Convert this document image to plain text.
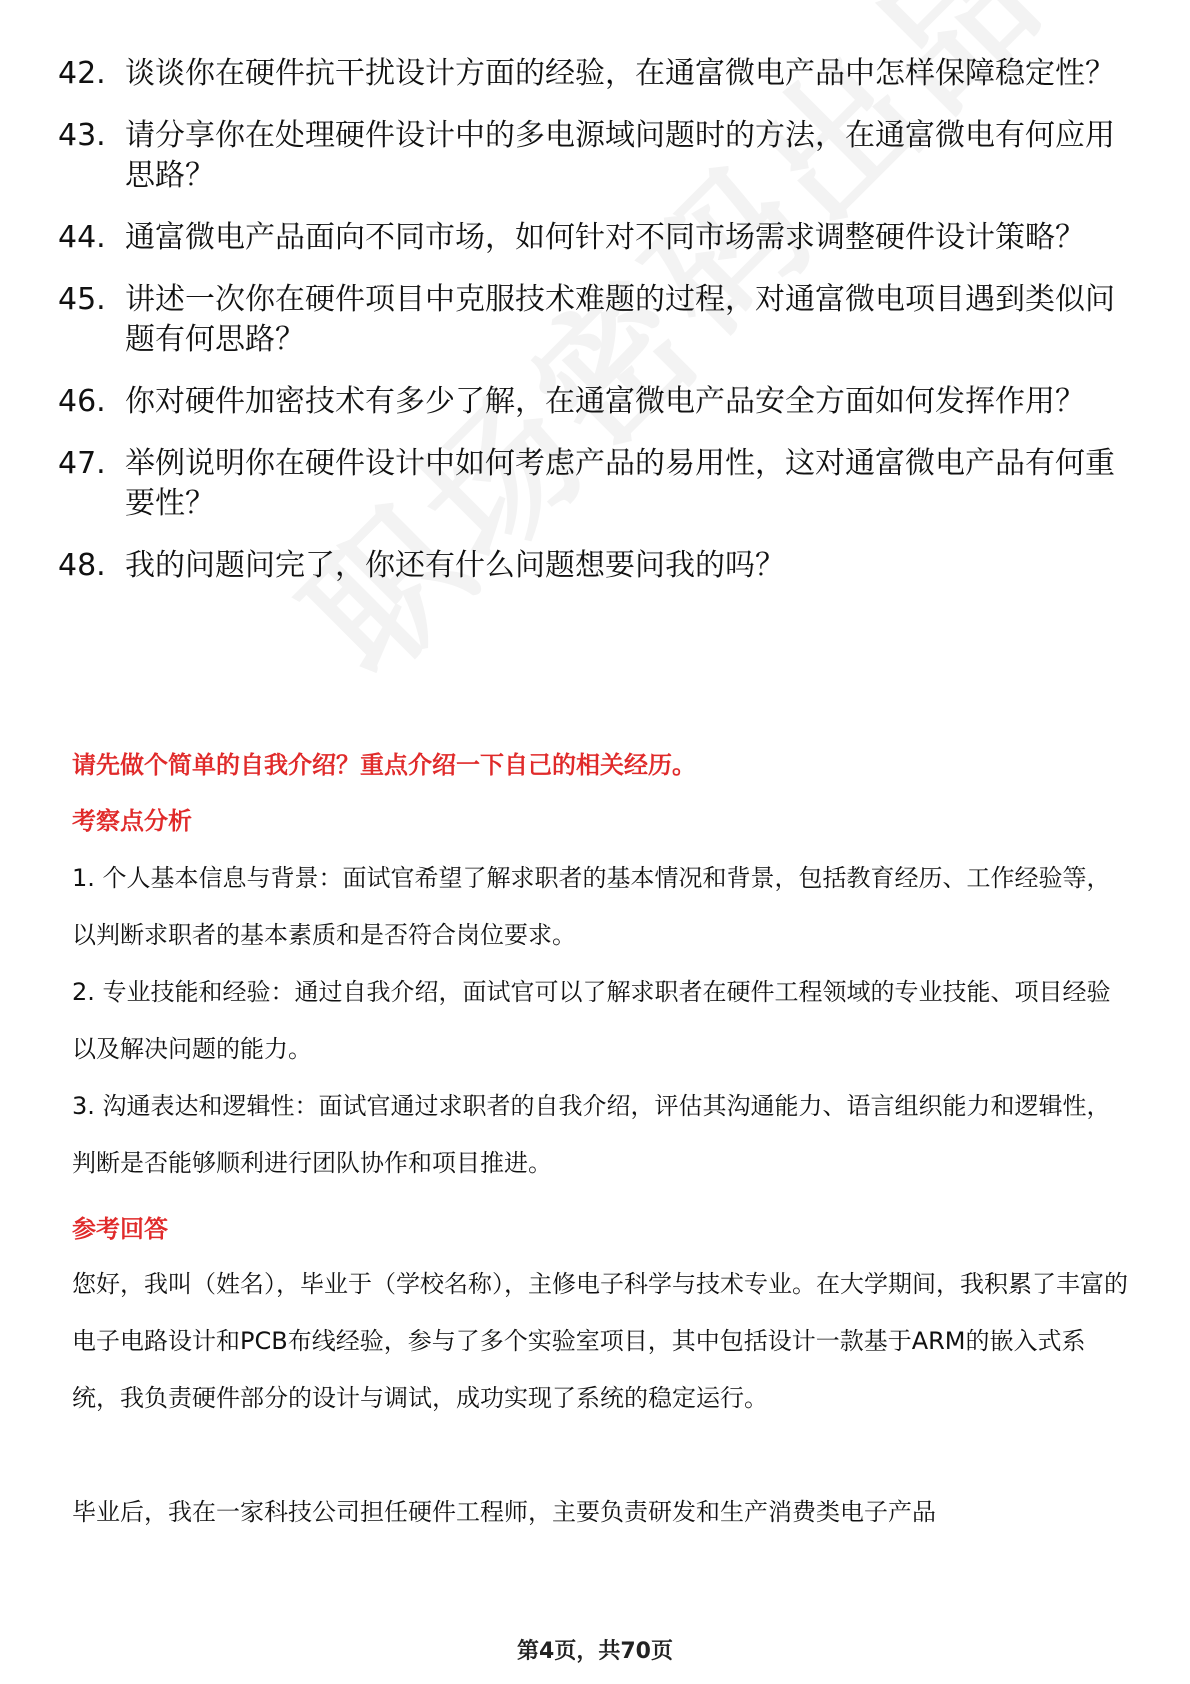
42. 谈谈你在硬件抗干扰设计方面的经验，在通富微电产品中怎样保障稳定性？
43. 请分享你在处理硬件设计中的多电源域问题时的方法，在通富微电有何应用思路？
44. 通富微电产品面向不同市场，如何针对不同市场需求调整硬件设计策略？
45. 讲述一次你在硬件项目中克服技术难题的过程，对通富微电项目遇到类似问题有何思路？
46. 你对硬件加密技术有多少了解，在通富微电产品安全方面如何发挥作用？
47. 举例说明你在硬件设计中如何考虑产品的易用性，这对通富微电产品有何重要性？
48. 我的问题问完了，你还有什么问题想要问我的吗？
请先做个简单的自我介绍？重点介绍一下自己的相关经历。
考察点分析
1. 个人基本信息与背景：面试官希望了解求职者的基本情况和背景，包括教育经历、工作经验等，以判断求职者的基本素质和是否符合岗位要求。
2. 专业技能和经验：通过自我介绍，面试官可以了解求职者在硬件工程领域的专业技能、项目经验以及解决问题的能力。
3. 沟通表达和逻辑性：面试官通过求职者的自我介绍，评估其沟通能力、语言组织能力和逻辑性，判断是否能够顺利进行团队协作和项目推进。
参考回答
您好，我叫（姓名），毕业于（学校名称），主修电子科学与技术专业。在大学期间，我积累了丰富的电子电路设计和PCB布线经验，参与了多个实验室项目，其中包括设计一款基于ARM的嵌入式系统，我负责硬件部分的设计与调试，成功实现了系统的稳定运行。
毕业后，我在一家科技公司担任硬件工程师，主要负责研发和生产消费类电子产品
第4页，共70页
